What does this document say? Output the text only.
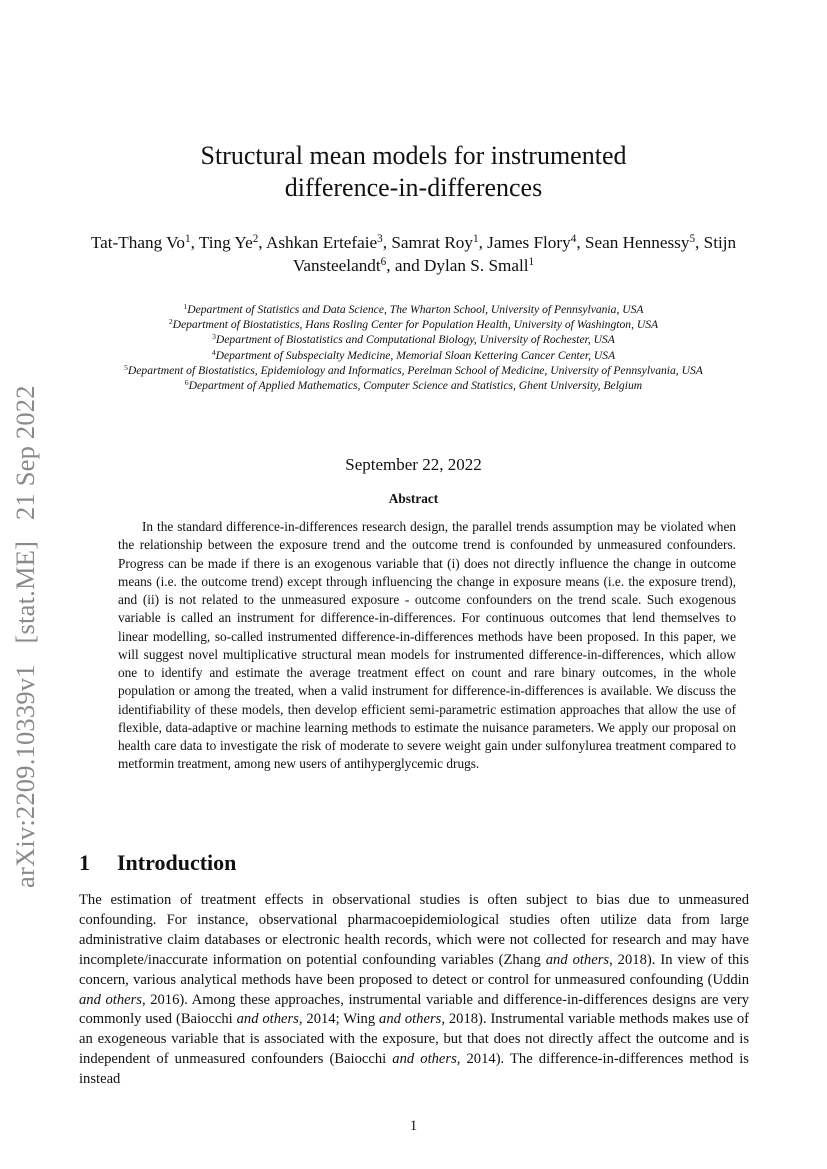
arXiv:2209.10339v1 [stat.ME] 21 Sep 2022
Structural mean models for instrumented
difference-in-differences
Tat-Thang Vo$^1$, Ting Ye$^2$, Ashkan Ertefaie$^3$, Samrat Roy$^1$, James Flory$^4$, Sean Hennessy$^5$, Stijn Vansteelandt$^6$, and Dylan S. Small$^1$
$^1$Department of Statistics and Data Science, The Wharton School, University of Pennsylvania, USA
$^2$Department of Biostatistics, Hans Rosling Center for Population Health, University of Washington, USA
$^3$Department of Biostatistics and Computational Biology, University of Rochester, USA
$^4$Department of Subspecialty Medicine, Memorial Sloan Kettering Cancer Center, USA
$^5$Department of Biostatistics, Epidemiology and Informatics, Perelman School of Medicine, University of Pennsylvania, USA
$^6$Department of Applied Mathematics, Computer Science and Statistics, Ghent University, Belgium
September 22, 2022
Abstract

In the standard difference-in-differences research design, the parallel trends assumption may be violated when the relationship between the exposure trend and the outcome trend is confounded by unmeasured confounders. Progress can be made if there is an exogenous variable that (i) does not directly influence the change in outcome means (i.e. the outcome trend) except through influencing the change in exposure means (i.e. the exposure trend), and (ii) is not related to the unmeasured exposure - outcome confounders on the trend scale. Such exogenous variable is called an instrument for difference-in-differences. For continuous outcomes that lend themselves to linear modelling, so-called instrumented difference-in-differences methods have been proposed. In this paper, we will suggest novel multiplicative structural mean models for instrumented difference-in-differences, which allow one to identify and estimate the average treatment effect on count and rare binary outcomes, in the whole population or among the treated, when a valid instrument for difference-in-differences is available. We discuss the identifiability of these models, then develop efficient semi-parametric estimation approaches that allow the use of flexible, data-adaptive or machine learning methods to estimate the nuisance parameters. We apply our proposal on health care data to investigate the risk of moderate to severe weight gain under sulfonylurea treatment compared to metformin treatment, among new users of antihyperglycemic drugs.

1 Introduction

The estimation of treatment effects in observational studies is often subject to bias due to unmeasured confounding. For instance, observational pharmacoepidemiological studies often utilize data from large administrative claim databases or electronic health records, which were not collected for research and may have incomplete/inaccurate information on potential confounding variables (Zhang and others, 2018). In view of this concern, various analytical methods have been proposed to detect or control for unmeasured confounding (Uddin and others, 2016). Among these approaches, instrumental variable and difference-in-differences designs are very commonly used (Baiocchi and others, 2014; Wing and others, 2018). Instrumental variable methods makes use of an exogeneous variable that is associated with the exposure, but that does not directly affect the outcome and is independent of unmeasured confounders (Baiocchi and others, 2014). The difference-in-differences method is instead

1
